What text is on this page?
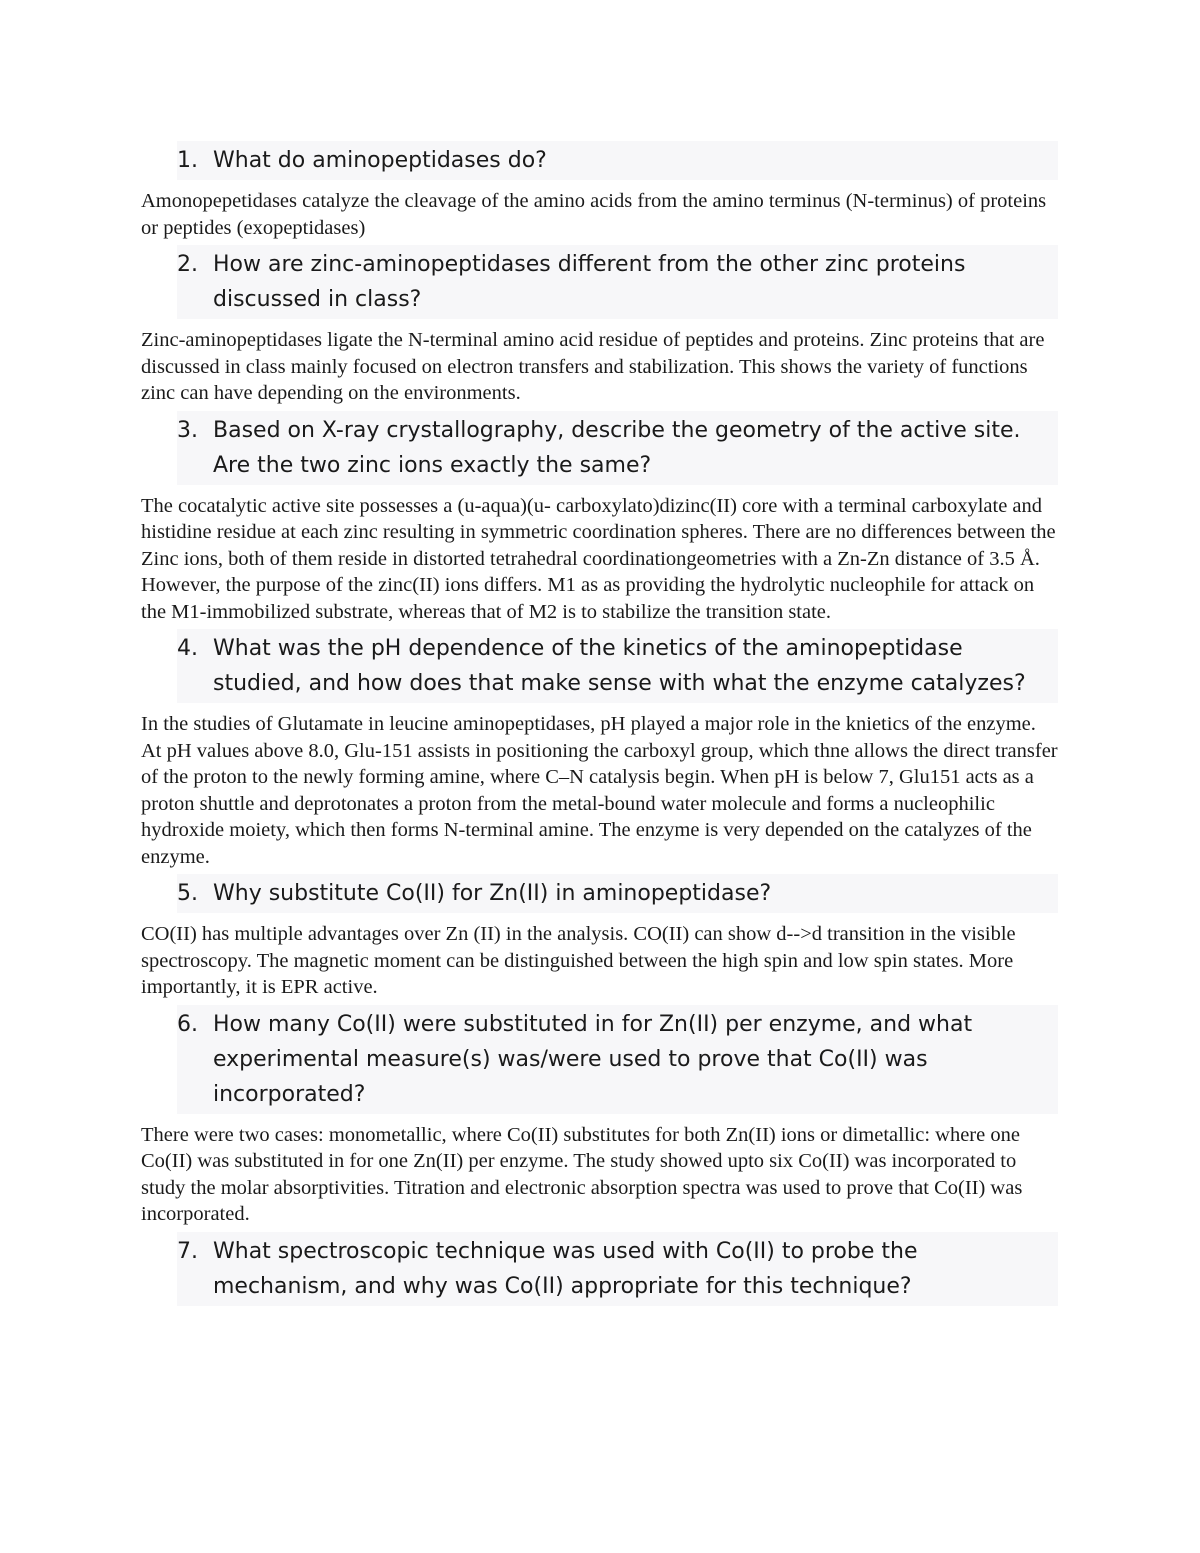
1. What do aminopeptidases do?

Amonopepetidases catalyze the cleavage of the amino acids from the amino terminus (N-terminus) of proteins or peptides (exopeptidases)

2. How are zinc-aminopeptidases different from the other zinc proteins discussed in class?

Zinc-aminopeptidases ligate the N-terminal amino acid residue of peptides and proteins. Zinc proteins that are discussed in class mainly focused on electron transfers and stabilization. This shows the variety of functions zinc can have depending on the environments.

3. Based on X-ray crystallography, describe the geometry of the active site. Are the two zinc ions exactly the same?

The cocatalytic active site possesses a (u-aqua)(u- carboxylato)dizinc(II) core with a terminal carboxylate and histidine residue at each zinc resulting in symmetric coordination spheres. There are no differences between the Zinc ions, both of them reside in distorted tetrahedral coordinationgeometries with a Zn-Zn distance of 3.5 Å. However, the purpose of the zinc(II) ions differs. M1 as as providing the hydrolytic nucleophile for attack on the M1-immobilized substrate, whereas that of M2 is to stabilize the transition state.

4. What was the pH dependence of the kinetics of the aminopeptidase studied, and how does that make sense with what the enzyme catalyzes?

In the studies of Glutamate in leucine aminopeptidases, pH played a major role in the knietics of the enzyme. At pH values above 8.0, Glu-151 assists in positioning the carboxyl group, which thne allows the direct transfer of the proton to the newly forming amine, where C–N catalysis begin. When pH is below 7, Glu151 acts as a proton shuttle and deprotonates a proton from the metal-bound water molecule and forms a nucleophilic hydroxide moiety, which then forms N-terminal amine. The enzyme is very depended on the catalyzes of the enzyme.

5. Why substitute Co(II) for Zn(II) in aminopeptidase?

CO(II) has multiple advantages over Zn (II) in the analysis. CO(II) can show d-->d transition in the visible spectroscopy. The magnetic moment can be distinguished between the high spin and low spin states. More importantly, it is EPR active.

6. How many Co(II) were substituted in for Zn(II) per enzyme, and what experimental measure(s) was/were used to prove that Co(II) was incorporated?

There were two cases: monometallic, where Co(II) substitutes for both Zn(II) ions or dimetallic: where one Co(II) was substituted in for one Zn(II) per enzyme. The study showed upto six Co(II) was incorporated to study the molar absorptivities. Titration and electronic absorption spectra was used to prove that Co(II) was incorporated.

7. What spectroscopic technique was used with Co(II) to probe the mechanism, and why was Co(II) appropriate for this technique?
